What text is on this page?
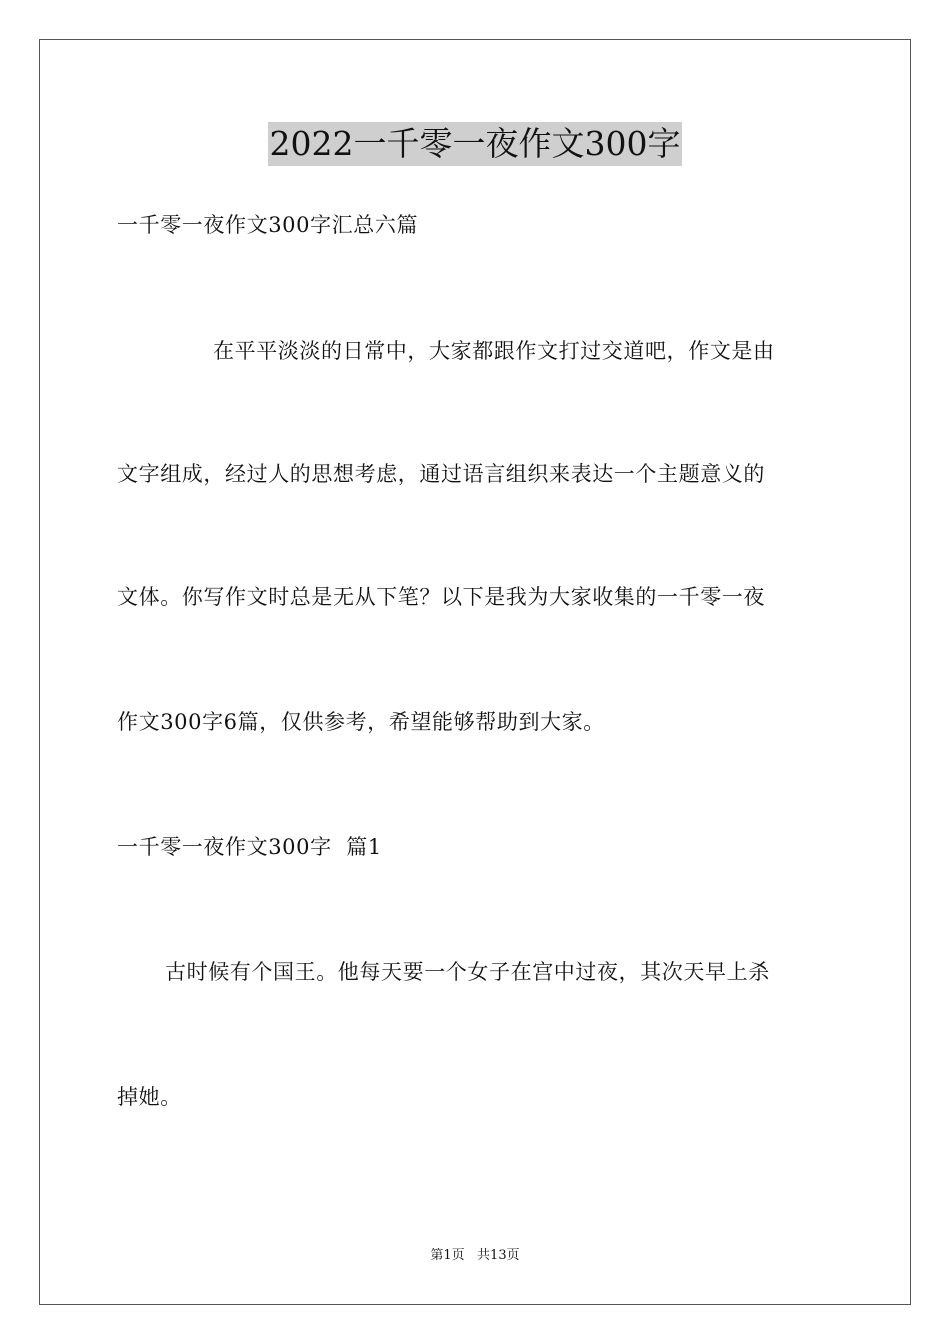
2022一千零一夜作文300字
一千零一夜作文300字汇总六篇
在平平淡淡的日常中，大家都跟作文打过交道吧，作文是由
文字组成，经过人的思想考虑，通过语言组织来表达一个主题意义的
文体。你写作文时总是无从下笔？以下是我为大家收集的一千零一夜
作文300字6篇，仅供参考，希望能够帮助到大家。
一千零一夜作文300字  篇1
古时候有个国王。他每天要一个女子在宫中过夜，其次天早上杀
掉她。
第1页   共13页
